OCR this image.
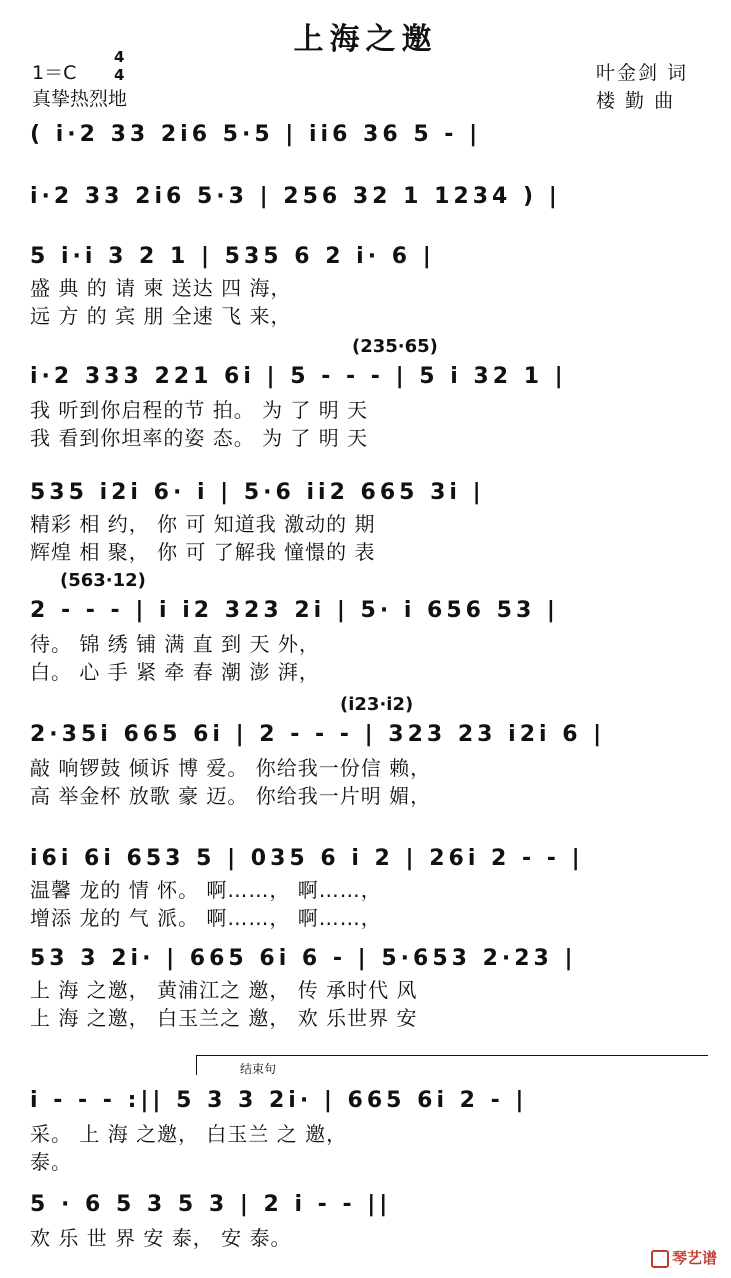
上海之邀
1＝C
4
4
真挚热烈地
叶金剑 词
楼 勤 曲
( i·2 33 2i6 5·5 | ii6 36 5 - |
i·2 33 2i6 5·3 | 256 32 1 1234 ) |
5 i·i 3 2 1 | 535 6 2 i· 6 |
盛 典 的 请 柬 送达 四 海，
远 方 的 宾 朋 全速 飞 来，
(235·65)
i·2 333 221 6i | 5 - - - | 5 i 32 1 |
我 听到你启程的节 拍。 为 了 明 天
我 看到你坦率的姿 态。 为 了 明 天
535 i2i 6· i | 5·6 ii2 665 3i |
精彩 相 约， 你 可 知道我 激动的 期
辉煌 相 聚， 你 可 了解我 憧憬的 表
(563·12)
2 - - - | i i2 323 2i | 5· i 656 53 |
待。 锦 绣 铺 满 直 到 天 外，
白。 心 手 紧 牵 春 潮 澎 湃，
(i23·i2)
2·35i 665 6i | 2 - - - | 323 23 i2i 6 |
敲 响锣鼓 倾诉 博 爱。 你给我一份信 赖，
高 举金杯 放歌 豪 迈。 你给我一片明 媚，
i6i 6i 653 5 | 035 6 i 2 | 26i 2 - - |
温馨 龙的 情 怀。 啊……， 啊……，
增添 龙的 气 派。 啊……， 啊……，
53 3 2i· | 665 6i 6 - | 5·653 2·23 |
上 海 之邀， 黄浦江之 邀， 传 承时代 风
上 海 之邀， 白玉兰之 邀， 欢 乐世界 安
结束句
i - - - :|| 5 3 3 2i· | 665 6i 2 - |
采。 上 海 之邀， 白玉兰 之 邀，
泰。
5 · 6 5 3 5 3 | 2 i - - ||
欢 乐 世 界 安 泰， 安 泰。
琴艺谱
